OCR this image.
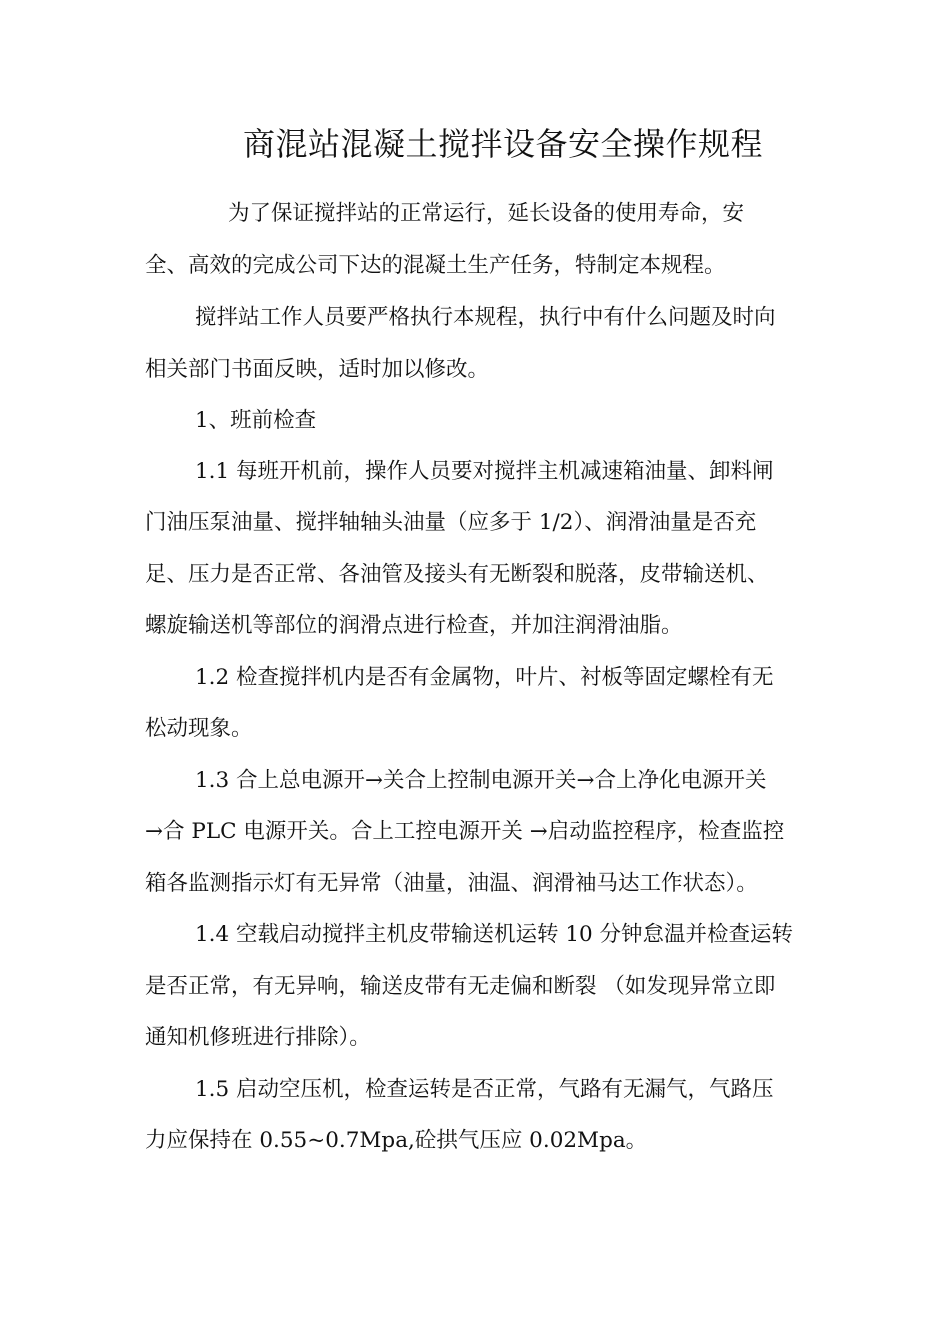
商混站混凝土搅拌设备安全操作规程
为了保证搅拌站的正常运行，延长设备的使用寿命，安
全、高效的完成公司下达的混凝土生产任务，特制定本规程。
搅拌站工作人员要严格执行本规程，执行中有什么问题及时向
相关部门书面反映，适时加以修改。
1、班前检查
1.1 每班开机前，操作人员要对搅拌主机减速箱油量、卸料闸
门油压泵油量、搅拌轴轴头油量（应多于 1/2）、润滑油量是否充
足、压力是否正常、各油管及接头有无断裂和脱落，皮带输送机、
螺旋输送机等部位的润滑点进行检查，并加注润滑油脂。
1.2 检查搅拌机内是否有金属物，叶片、衬板等固定螺栓有无
松动现象。
1.3 合上总电源开→关合上控制电源开关→合上净化电源开关
→合 PLC 电源开关。合上工控电源开关 →启动监控程序，检查监控
箱各监测指示灯有无异常（油量，油温、润滑袖马达工作状态）。
1.4 空载启动搅拌主机皮带输送机运转 10 分钟怠温并检查运转
是否正常，有无异响，输送皮带有无走偏和断裂 （如发现异常立即
通知机修班进行排除）。
1.5 启动空压机，检查运转是否正常，气路有无漏气，气路压
力应保持在 0.55~0.7Mpa,砼拱气压应 0.02Mpa。
